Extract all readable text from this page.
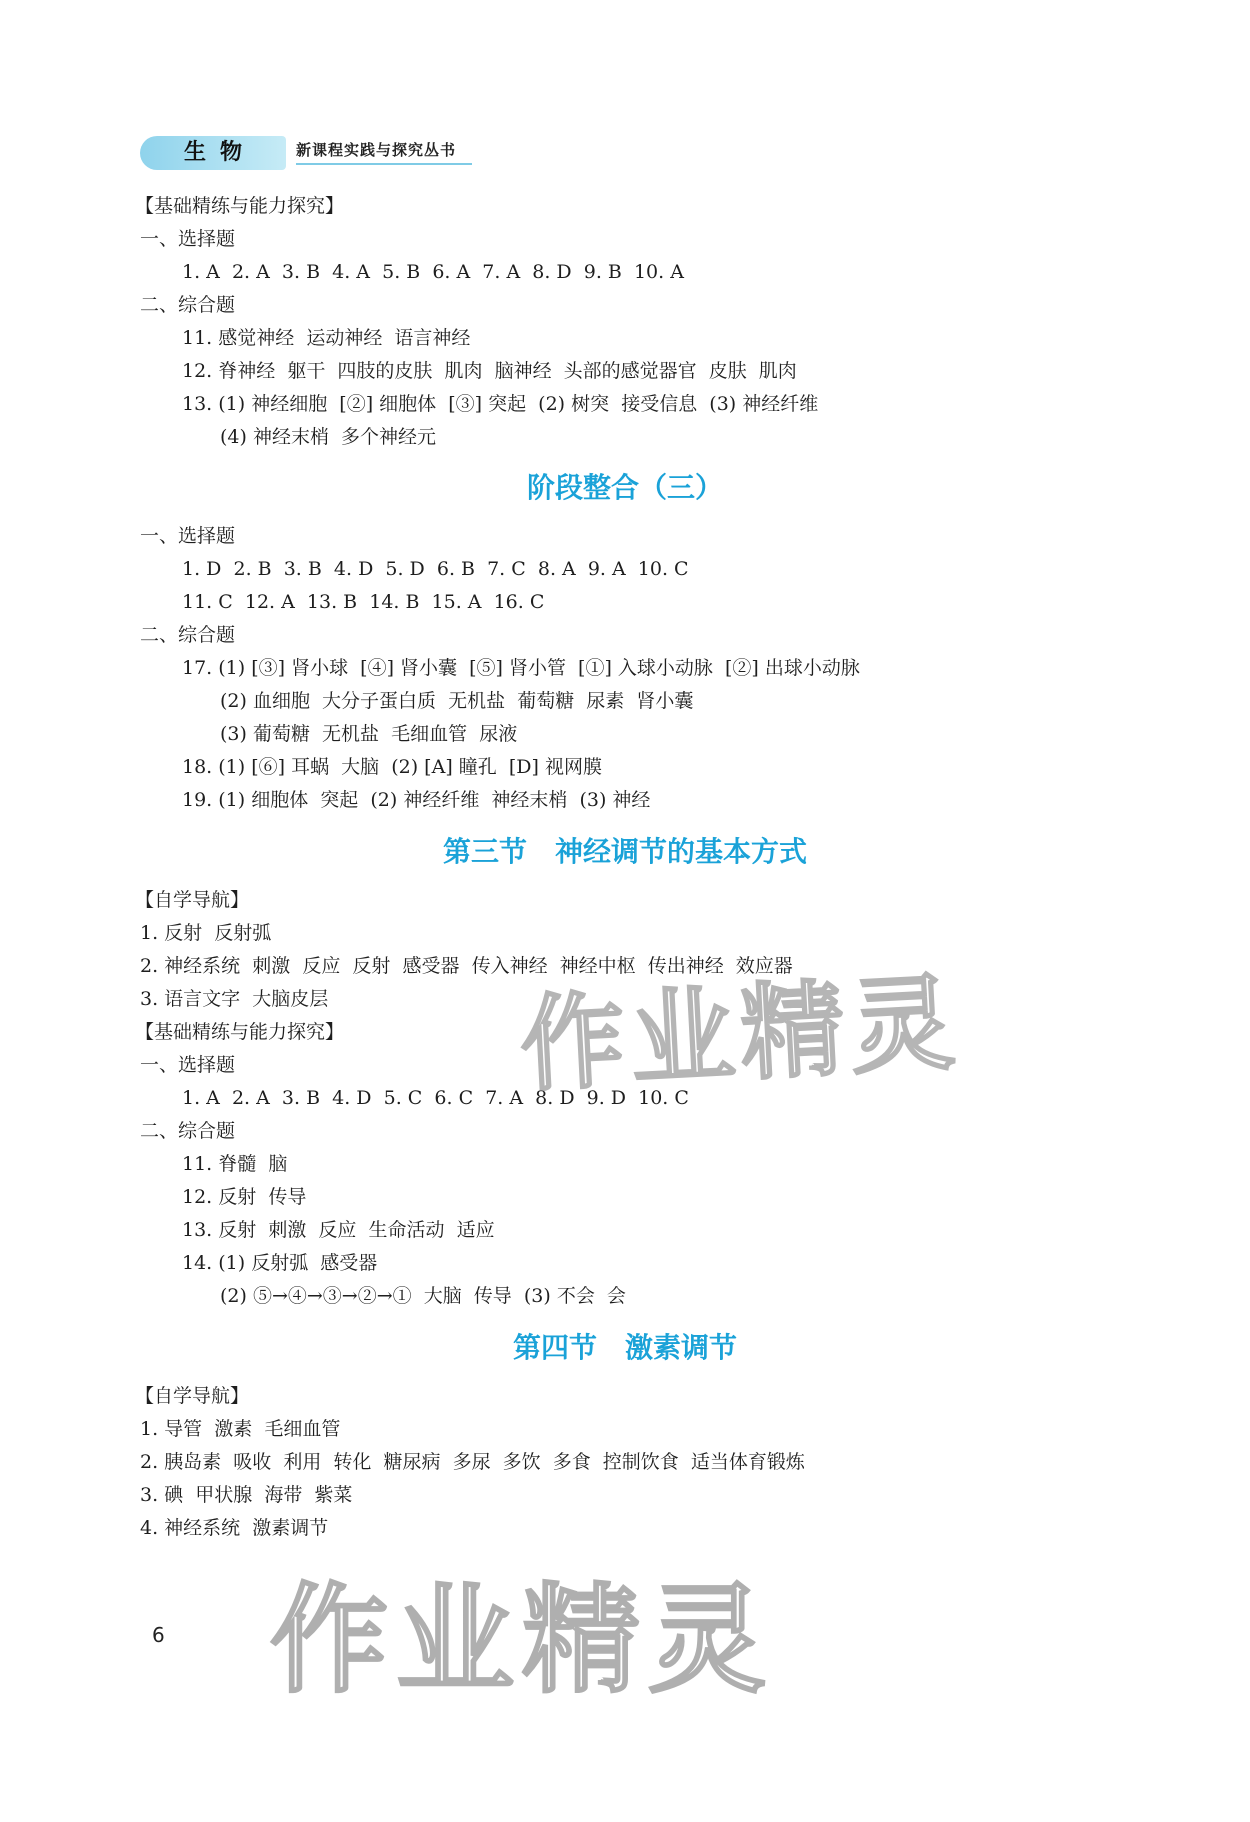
生物	新课程实践与探究丛书
【基础精练与能力探究】
一、选择题
1. A  2. A  3. B  4. A  5. B  6. A  7. A  8. D  9. B  10. A
二、综合题
11. 感觉神经  运动神经  语言神经
12. 脊神经  躯干  四肢的皮肤  肌肉  脑神经  头部的感觉器官  皮肤  肌肉
13. (1) 神经细胞  [②] 细胞体  [③] 突起  (2) 树突  接受信息  (3) 神经纤维
(4) 神经末梢  多个神经元
阶段整合（三）
一、选择题
1. D  2. B  3. B  4. D  5. D  6. B  7. C  8. A  9. A  10. C
11. C  12. A  13. B  14. B  15. A  16. C
二、综合题
17. (1) [③] 肾小球  [④] 肾小囊  [⑤] 肾小管  [①] 入球小动脉  [②] 出球小动脉
(2) 血细胞  大分子蛋白质  无机盐  葡萄糖  尿素  肾小囊
(3) 葡萄糖  无机盐  毛细血管  尿液
18. (1) [⑥] 耳蜗  大脑  (2) [A] 瞳孔  [D] 视网膜
19. (1) 细胞体  突起  (2) 神经纤维  神经末梢  (3) 神经
第三节　神经调节的基本方式
【自学导航】
1. 反射  反射弧
2. 神经系统  刺激  反应  反射  感受器  传入神经  神经中枢  传出神经  效应器
3. 语言文字  大脑皮层
【基础精练与能力探究】
一、选择题
1. A  2. A  3. B  4. D  5. C  6. C  7. A  8. D  9. D  10. C
二、综合题
11. 脊髓  脑
12. 反射  传导
13. 反射  刺激  反应  生命活动  适应
14. (1) 反射弧  感受器
(2) ⑤→④→③→②→①  大脑  传导  (3) 不会  会
第四节　激素调节
【自学导航】
1. 导管  激素  毛细血管
2. 胰岛素  吸收  利用  转化  糖尿病  多尿  多饮  多食  控制饮食  适当体育锻炼
3. 碘  甲状腺  海带  紫菜
4. 神经系统  激素调节
6
作业精灵
作业精灵
